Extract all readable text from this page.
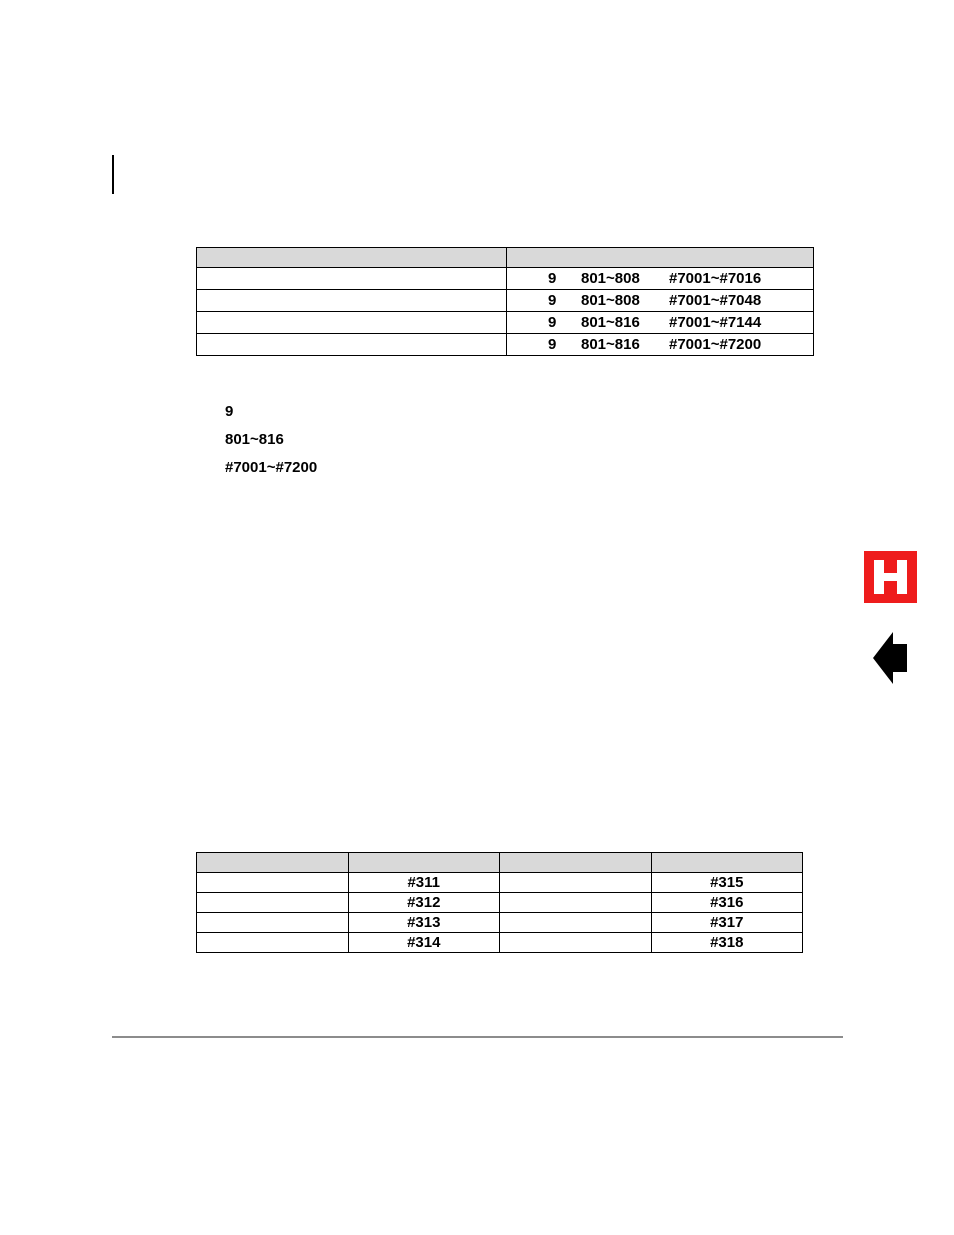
	9 801~808 #7001~#7016

	9 801~808 #7001~#7048

	9 801~816 #7001~#7144

	9 801~816 #7001~#7200
9
801~816
#7001~#7200

	#311		#315
	#312		#316
	#313		#317
	#314		#318
